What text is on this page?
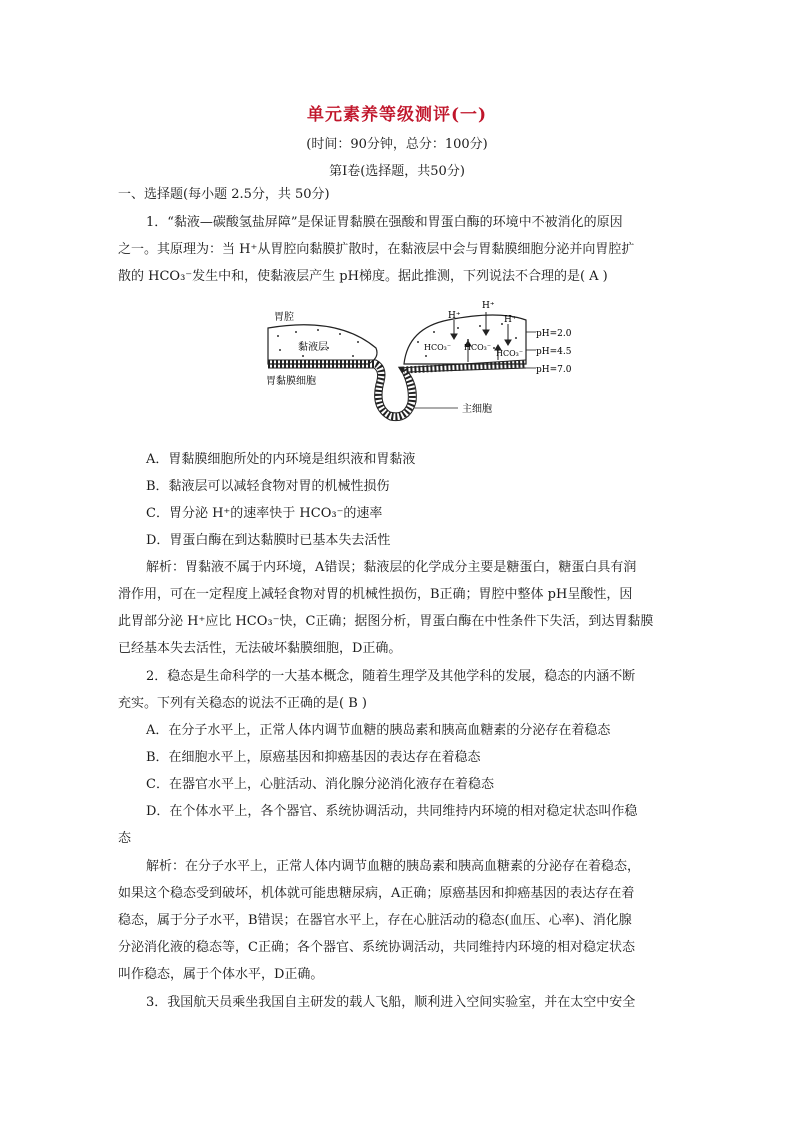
单元素养等级测评(一)
(时间：90分钟，总分：100分)
第Ⅰ卷(选择题，共50分)
一、选择题(每小题 2.5分，共 50分)
1．“黏液—碳酸氢盐屏障”是保证胃黏膜在强酸和胃蛋白酶的环境中不被消化的原因
之一。其原理为：当 H⁺从胃腔向黏膜扩散时，在黏液层中会与胃黏膜细胞分泌并向胃腔扩
散的 HCO₃⁻发生中和，使黏液层产生 pH梯度。据此推测，下列说法不合理的是( A )
胃腔
黏液层
胃黏膜细胞
H⁺
H⁺
H⁺
HCO₃⁻ HCO₃⁻
HCO₃⁻
pH=2.0
pH=4.5
pH=7.0
主细胞
A．胃黏膜细胞所处的内环境是组织液和胃黏液
B．黏液层可以减轻食物对胃的机械性损伤
C．胃分泌 H⁺的速率快于 HCO₃⁻的速率
D．胃蛋白酶在到达黏膜时已基本失去活性
解析：胃黏液不属于内环境，A错误；黏液层的化学成分主要是糖蛋白，糖蛋白具有润
滑作用，可在一定程度上减轻食物对胃的机械性损伤，B正确；胃腔中整体 pH呈酸性，因
此胃部分泌 H⁺应比 HCO₃⁻快，C正确；据图分析，胃蛋白酶在中性条件下失活，到达胃黏膜
已经基本失去活性，无法破坏黏膜细胞，D正确。
2．稳态是生命科学的一大基本概念，随着生理学及其他学科的发展，稳态的内涵不断
充实。下列有关稳态的说法不正确的是( B )
A．在分子水平上，正常人体内调节血糖的胰岛素和胰高血糖素的分泌存在着稳态
B．在细胞水平上，原癌基因和抑癌基因的表达存在着稳态
C．在器官水平上，心脏活动、消化腺分泌消化液存在着稳态
D．在个体水平上，各个器官、系统协调活动，共同维持内环境的相对稳定状态叫作稳
态
解析：在分子水平上，正常人体内调节血糖的胰岛素和胰高血糖素的分泌存在着稳态，
如果这个稳态受到破坏，机体就可能患糖尿病，A正确；原癌基因和抑癌基因的表达存在着
稳态，属于分子水平，B错误；在器官水平上，存在心脏活动的稳态(血压、心率)、消化腺
分泌消化液的稳态等，C正确；各个器官、系统协调活动，共同维持内环境的相对稳定状态
叫作稳态，属于个体水平，D正确。
3．我国航天员乘坐我国自主研发的载人飞船，顺利进入空间实验室，并在太空中安全
